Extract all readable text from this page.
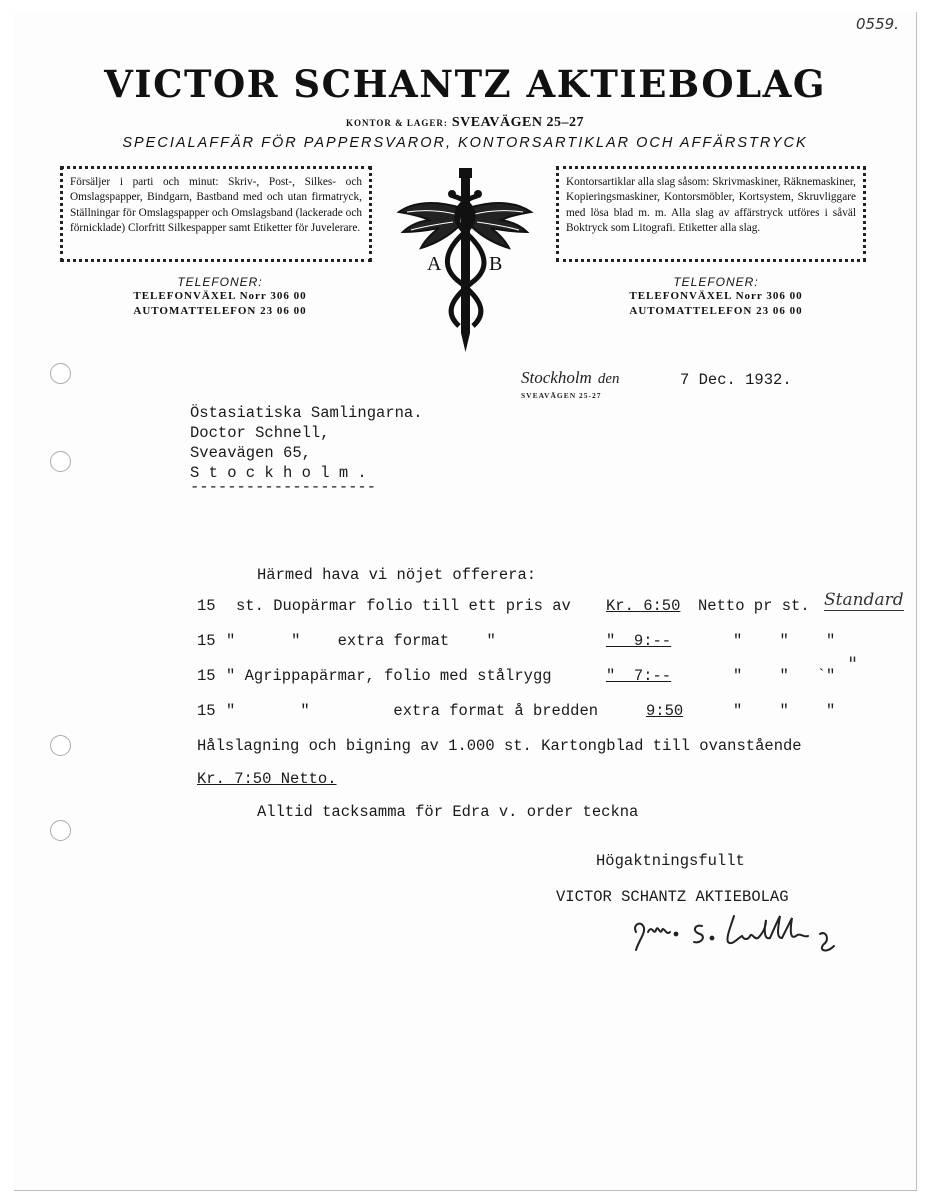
0559.
VICTOR SCHANTZ AKTIEBOLAG
KONTOR & LAGER: SVEAVÄGEN 25–27
SPECIALAFFÄR FÖR PAPPERSVAROR, KONTORSARTIKLAR OCH AFFÄRSTRYCK
Försäljer i parti och minut: Skriv-, Post-, Silkes- och Omslagspapper, Bindgarn, Bastband med och utan firmatryck, Ställningar för Omslagspapper och Omslagsband (lackerade och förnicklade) Clorfritt Silkespapper samt Etiketter för Juvelerare.
Kontorsartiklar alla slag såsom: Skrivmaskiner, Räknemaskiner, Kopieringsmaskiner, Kontorsmöbler, Kortsystem, Skruvliggare med lösa blad m. m. Alla slag av affärstryck utföres i såväl Boktryck som Litografi. Etiketter alla slag.
A B
TELEFONER:
TELEFONVÄXEL Norr 306 00
AUTOMATTELEFON 23 06 00
TELEFONER:
TELEFONVÄXEL Norr 306 00
AUTOMATTELEFON 23 06 00
Stockholm den
SVEAVÄGEN 25-27
7 Dec. 1932.
Östasiatiska Samlingarna.
Doctor Schnell,
Sveavägen 65,
S t o c k h o l m .
--------------------
Härmed hava vi nöjet offerera:
15 st. Duopärmar folio till ett pris av Kr. 6:50 Netto pr st. Standard
15 "      "    extra format    "	"  9:--	"    "    "
15 " Agrippapärmar, folio med stålrygg	"  7:--	"    "   `" "
15 "       "         extra format å bredden	9:50	"    "    "
Hålslagning och bigning av 1.000 st. Kartongblad till ovanstående
Kr. 7:50 Netto.
Alltid tacksamma för Edra v. order teckna
Högaktningsfullt
VICTOR SCHANTZ AKTIEBOLAG
